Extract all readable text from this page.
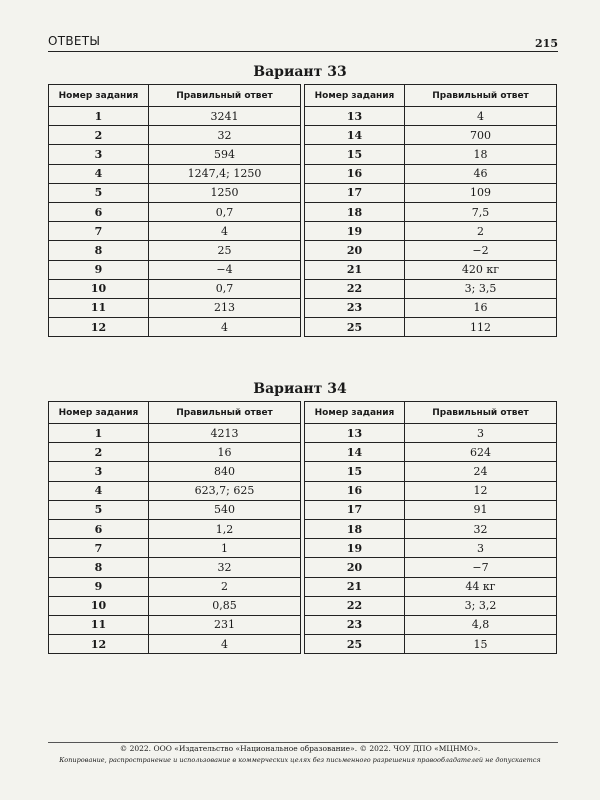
ОТВЕТЫ	215
Вариант 33
Номер задания	Правильный ответ		Номер задания	Правильный ответ
1	3241		13	4
2	32		14	700
3	594		15	18
4	1247,4; 1250		16	46
5	1250		17	109
6	0,7		18	7,5
7	4		19	2
8	25		20	−2
9	−4		21	420 кг
10	0,7		22	3; 3,5
11	213		23	16
12	4		25	112
Вариант 34
Номер задания	Правильный ответ		Номер задания	Правильный ответ
1	4213		13	3
2	16		14	624
3	840		15	24
4	623,7; 625		16	12
5	540		17	91
6	1,2		18	32
7	1		19	3
8	32		20	−7
9	2		21	44 кг
10	0,85		22	3; 3,2
11	231		23	4,8
12	4		25	15
© 2022. ООО «Издательство «Национальное образование». © 2022. ЧОУ ДПО «МЦНМО».
Копирование, распространение и использование в коммерческих целях без письменного разрешения правообладателей не допускается
